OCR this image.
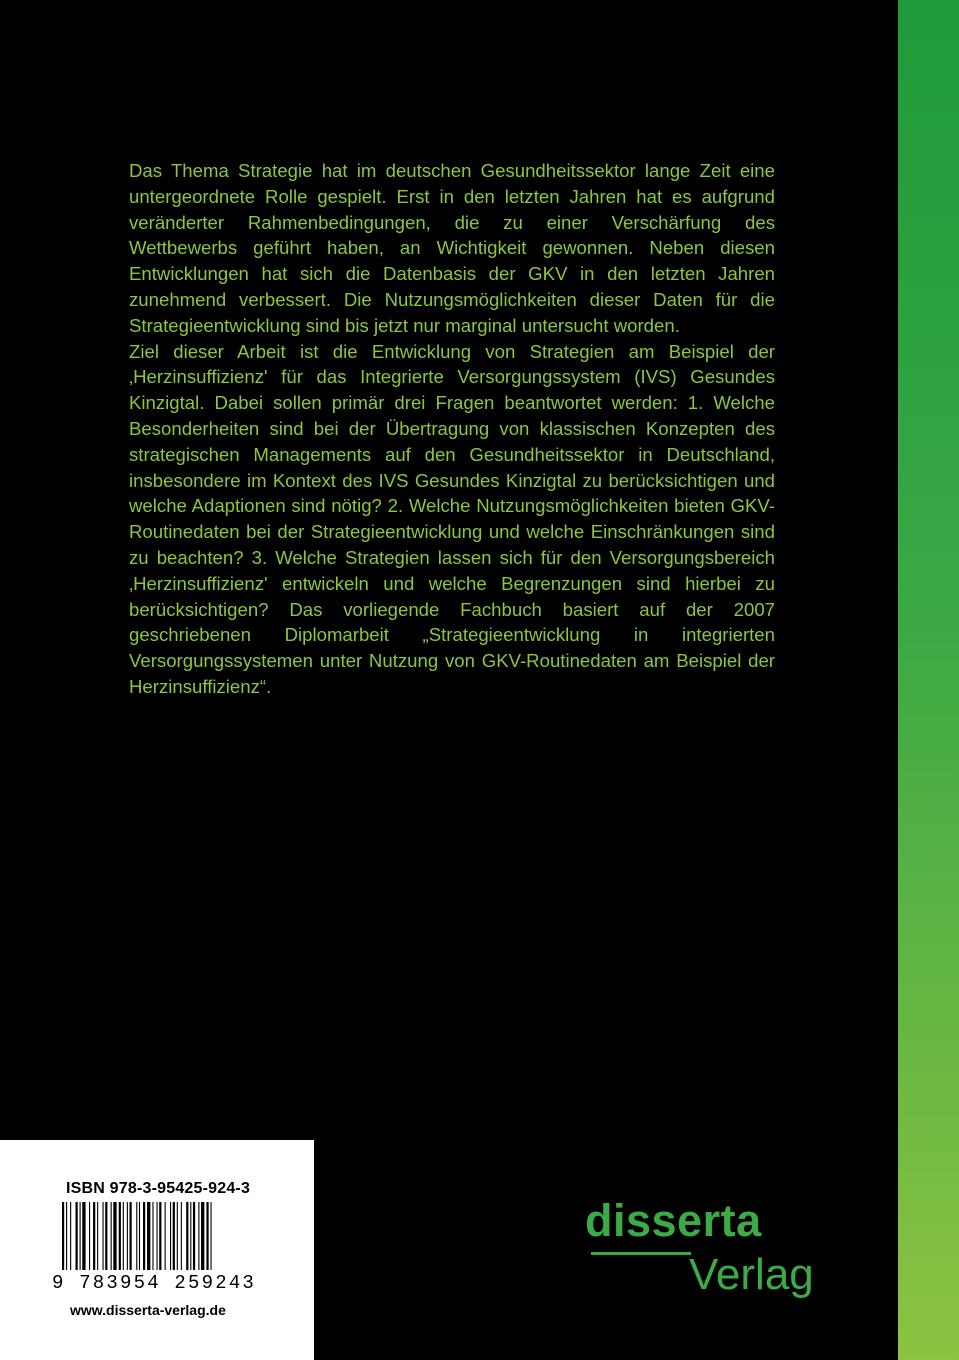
Das Thema Strategie hat im deutschen Gesundheitssektor lange Zeit eine untergeordnete Rolle gespielt. Erst in den letzten Jahren hat es aufgrund veränderter Rahmenbedingungen, die zu einer Verschärfung des Wettbewerbs geführt haben, an Wichtigkeit gewonnen. Neben diesen Entwicklungen hat sich die Datenbasis der GKV in den letzten Jahren zunehmend verbessert. Die Nutzungsmöglichkeiten dieser Daten für die Strategieentwicklung sind bis jetzt nur marginal untersucht worden.

Ziel dieser Arbeit ist die Entwicklung von Strategien am Beispiel der ‚Herzinsuffizienz' für das Integrierte Versorgungssystem (IVS) Gesundes Kinzigtal. Dabei sollen primär drei Fragen beantwortet werden: 1. Welche Besonderheiten sind bei der Übertragung von klassischen Konzepten des strategischen Managements auf den Gesundheitssektor in Deutschland, insbesondere im Kontext des IVS Gesundes Kinzigtal zu berücksichtigen und welche Adaptionen sind nötig? 2. Welche Nutzungsmöglichkeiten bieten GKV-Routinedaten bei der Strategieentwicklung und welche Einschränkungen sind zu beachten? 3. Welche Strategien lassen sich für den Versorgungsbereich ‚Herzinsuffizienz' entwickeln und welche Begrenzungen sind hierbei zu berücksichtigen? Das vorliegende Fachbuch basiert auf der 2007 geschriebenen Diplomarbeit „Strategieentwicklung in integrierten Versorgungssystemen unter Nutzung von GKV-Routinedaten am Beispiel der Herzinsuffizienz“.

ISBN 978-3-95425-924-3
9 783954 259243
www.disserta-verlag.de
disserta
Verlag
